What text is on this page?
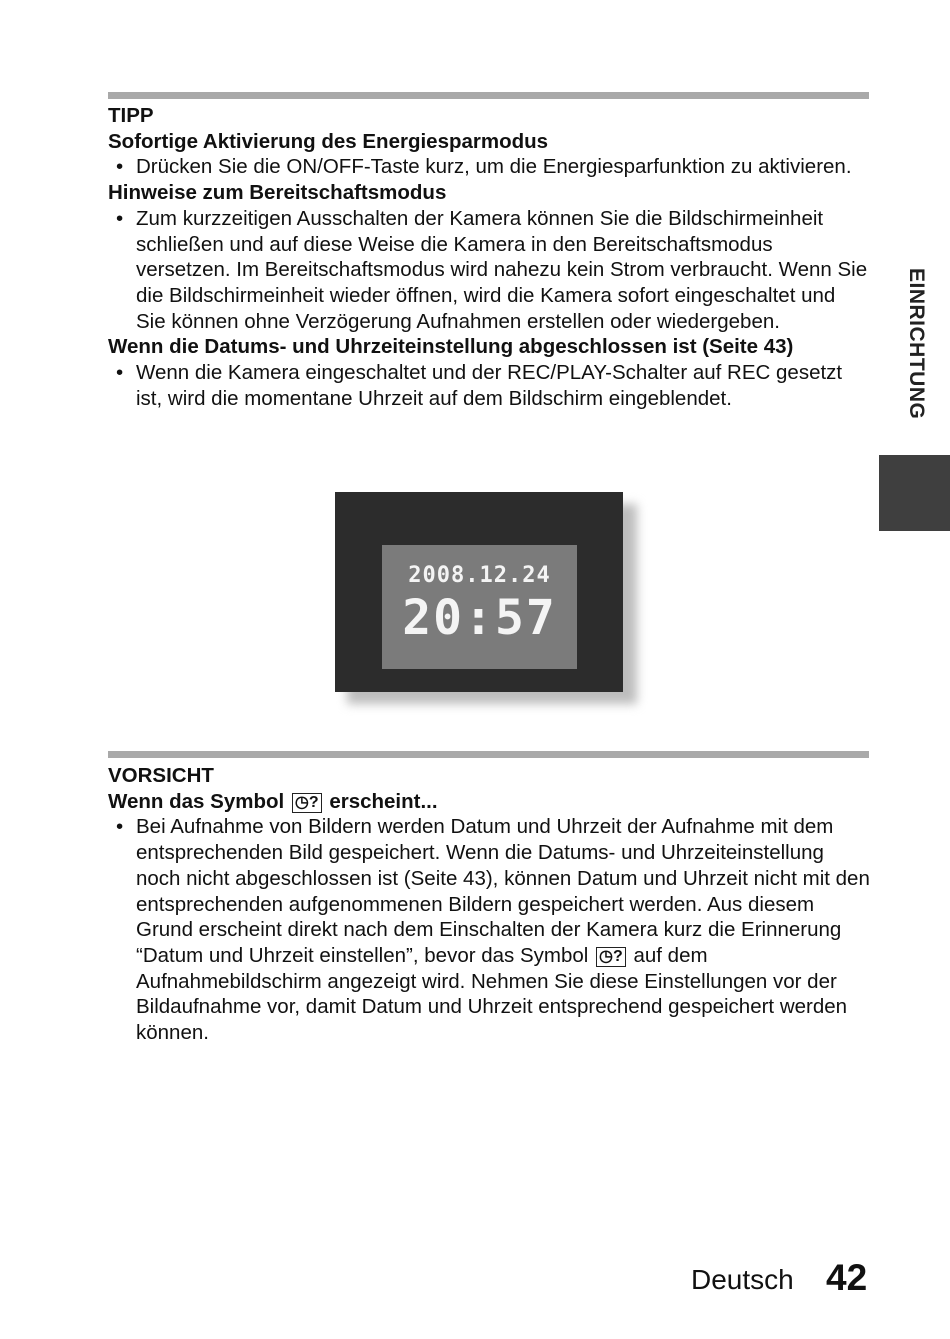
EINRICHTUNG
TIPP
Sofortige Aktivierung des Energiesparmodus
• Drücken Sie die ON/OFF-Taste kurz, um die Energiesparfunktion zu aktivieren.
Hinweise zum Bereitschaftsmodus
• Zum kurzzeitigen Ausschalten der Kamera können Sie die Bildschirmeinheit schließen und auf diese Weise die Kamera in den Bereitschaftsmodus versetzen. Im Bereitschaftsmodus wird nahezu kein Strom verbraucht. Wenn Sie die Bildschirmeinheit wieder öffnen, wird die Kamera sofort eingeschaltet und Sie können ohne Verzögerung Aufnahmen erstellen oder wiedergeben.
Wenn die Datums- und Uhrzeiteinstellung abgeschlossen ist (Seite 43)
• Wenn die Kamera eingeschaltet und der REC/PLAY-Schalter auf REC gesetzt ist, wird die momentane Uhrzeit auf dem Bildschirm eingeblendet.
2008.12.24
20:57
VORSICHT
Wenn das Symbol ◷? erscheint...
• Bei Aufnahme von Bildern werden Datum und Uhrzeit der Aufnahme mit dem entsprechenden Bild gespeichert. Wenn die Datums- und Uhrzeiteinstellung noch nicht abgeschlossen ist (Seite 43), können Datum und Uhrzeit nicht mit den entsprechenden aufgenommenen Bildern gespeichert werden. Aus diesem Grund erscheint direkt nach dem Einschalten der Kamera kurz die Erinnerung “Datum und Uhrzeit einstellen”, bevor das Symbol ◷? auf dem Aufnahmebildschirm angezeigt wird. Nehmen Sie diese Einstellungen vor der Bildaufnahme vor, damit Datum und Uhrzeit entsprechend gespeichert werden können.
Deutsch 42
